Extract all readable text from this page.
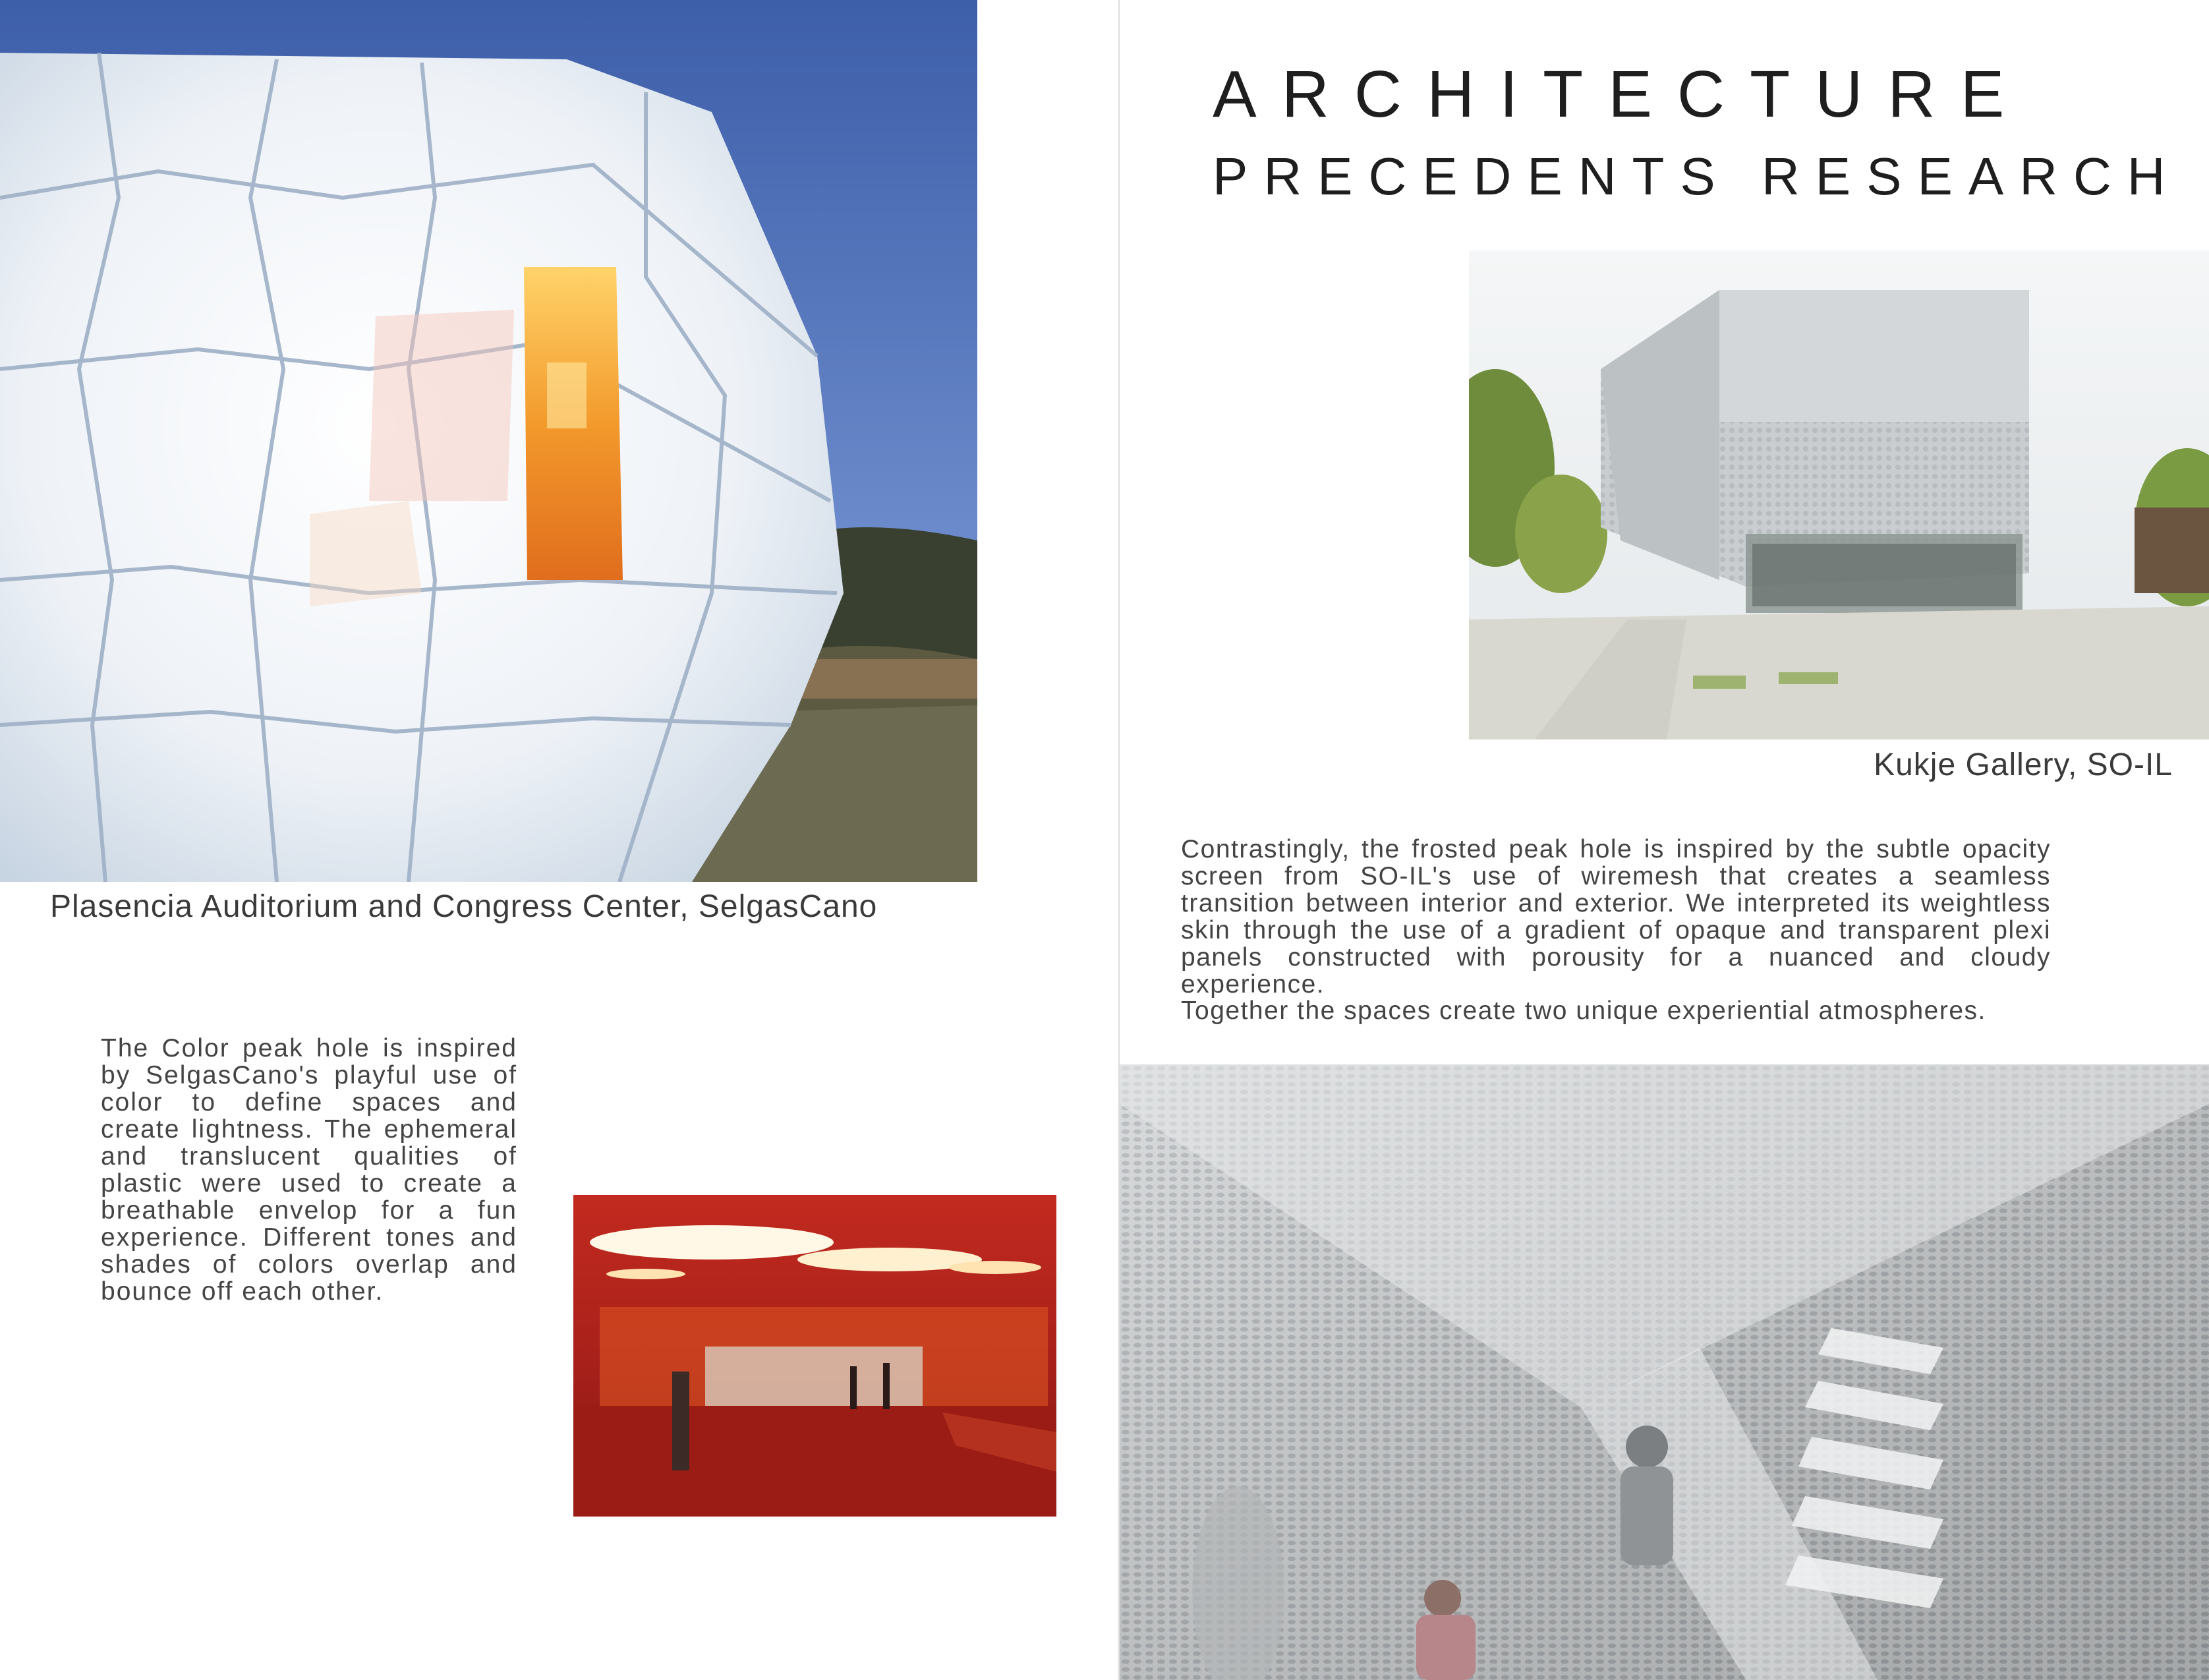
Plasencia Auditorium and Congress Center, SelgasCano
The Color peak hole is inspired by SelgasCano's playful use of color to define spaces and create lightness. The ephemeral and translucent qualities of plastic were used to create a breathable envelop for a fun experience. Different tones and shades of colors overlap and bounce off each other.
ARCHITECTURE
PRECEDENTS RESEARCH
Kukje Gallery, SO-IL
Contrastingly, the frosted peak hole is inspired by the subtle opacity screen from SO-IL's use of wiremesh that creates a seamless transition between interior and exterior. We interpreted its weightless skin through the use of a gradient of opaque and transparent plexi panels constructed with porousity for a nuanced and cloudy experience.
Together the spaces create two unique experiential atmospheres.
